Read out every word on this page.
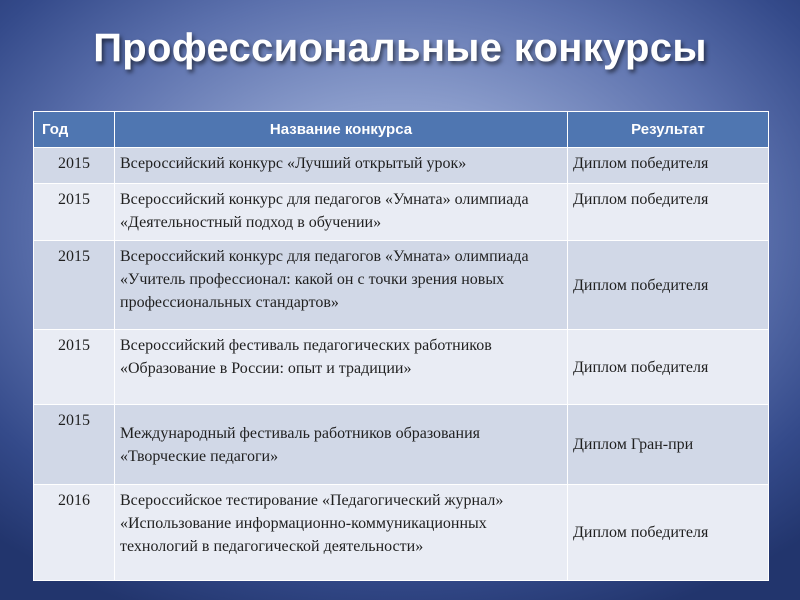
Профессиональные конкурсы
Год	Название конкурса	Результат
2015	Всероссийский конкурс «Лучший открытый урок»	Диплом победителя
2015	Всероссийский конкурс для педагогов «Умната» олимпиада «Деятельностный подход в обучении»	Диплом победителя
2015	Всероссийский конкурс для педагогов «Умната» олимпиада «Учитель профессионал: какой он с точки зрения новых профессиональных стандартов»	Диплом победителя
2015	Всероссийский фестиваль педагогических работников «Образование в России: опыт и традиции»	Диплом победителя
2015	Международный фестиваль работников образования «Творческие педагоги»	Диплом Гран-при
2016	Всероссийское тестирование «Педагогический журнал» «Использование информационно-коммуникационных технологий в педагогической деятельности»	Диплом победителя
